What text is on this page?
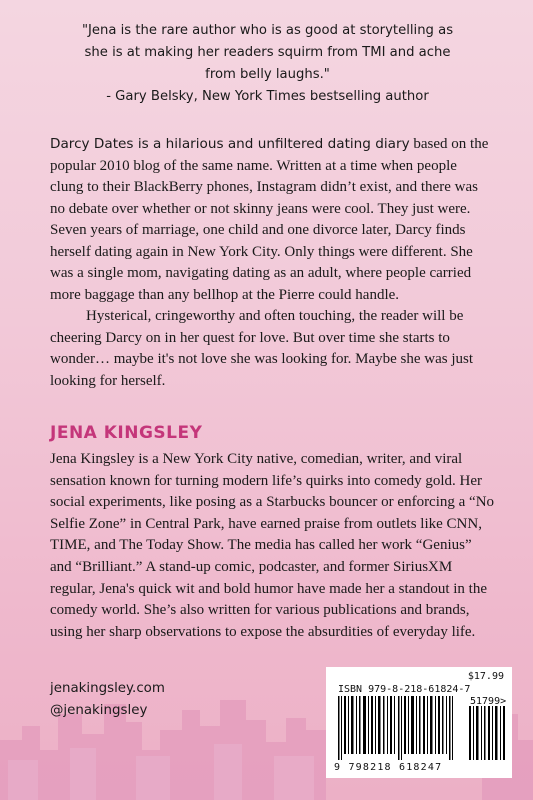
"Jena is the rare author who is as good at storytelling as

she is at making her readers squirm from TMI and ache

from belly laughs."

- Gary Belsky, New York Times bestselling author

Darcy Dates is a hilarious and unfiltered dating diary based on the popular 2010 blog of the same name. Written at a time when people clung to their BlackBerry phones, Instagram didn’t exist, and there was no debate over whether or not skinny jeans were cool. They just were. Seven years of marriage, one child and one divorce later, Darcy finds herself dating again in New York City. Only things were different. She was a single mom, navigating dating as an adult, where people carried more baggage than any bellhop at the Pierre could handle.

Hysterical, cringeworthy and often touching, the reader will be cheering Darcy on in her quest for love. But over time she starts to wonder… maybe it's not love she was looking for. Maybe she was just looking for herself.

JENA KINGSLEY

Jena Kingsley is a New York City native, comedian, writer, and viral sensation known for turning modern life’s quirks into comedy gold. Her social experiments, like posing as a Starbucks bouncer or enforcing a “No Selfie Zone” in Central Park, have earned praise from outlets like CNN, TIME, and The Today Show. The media has called her work “Genius” and “Brilliant.” A stand-up comic, podcaster, and former SiriusXM regular, Jena's quick wit and bold humor have made her a standout in the comedy world. She’s also written for various publications and brands, using her sharp observations to expose the absurdities of everyday life.

jenakingsley.com
@jenakingsley
$17.99
ISBN 979-8-218-61824-7
51799>
9 798218 618247
